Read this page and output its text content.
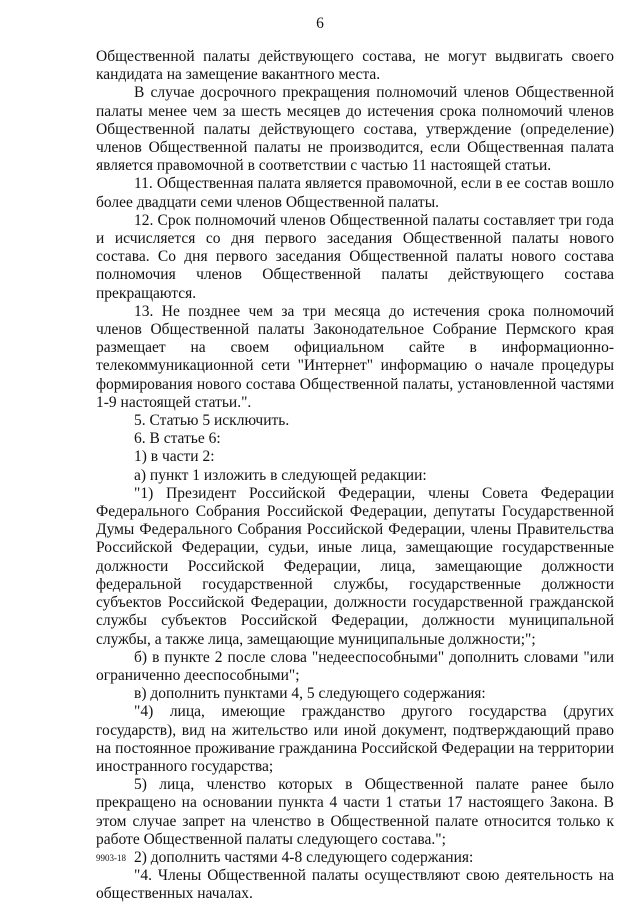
6

Общественной палаты действующего состава, не могут выдвигать своего кандидата на замещение вакантного места.

В случае досрочного прекращения полномочий членов Общественной палаты менее чем за шесть месяцев до истечения срока полномочий членов Общественной палаты действующего состава, утверждение (определение) членов Общественной палаты не производится, если Общественная палата является правомочной в соответствии с частью 11 настоящей статьи.

11. Общественная палата является правомочной, если в ее состав вошло более двадцати семи членов Общественной палаты.

12. Срок полномочий членов Общественной палаты составляет три года и исчисляется со дня первого заседания Общественной палаты нового состава. Со дня первого заседания Общественной палаты нового состава полномочия членов Общественной палаты действующего состава прекращаются.

13. Не позднее чем за три месяца до истечения срока полномочий членов Общественной палаты Законодательное Собрание Пермского края размещает на своем официальном сайте в информационно-телекоммуникационной сети "Интернет" информацию о начале процедуры формирования нового состава Общественной палаты, установленной частями 1-9 настоящей статьи.".

5. Статью 5 исключить.

6. В статье 6:

1) в части 2:

а) пункт 1 изложить в следующей редакции:

"1) Президент Российской Федерации, члены Совета Федерации Федерального Собрания Российской Федерации, депутаты Государственной Думы Федерального Собрания Российской Федерации, члены Правительства Российской Федерации, судьи, иные лица, замещающие государственные должности Российской Федерации, лица, замещающие должности федеральной государственной службы, государственные должности субъектов Российской Федерации, должности государственной гражданской службы субъектов Российской Федерации, должности муниципальной службы, а также лица, замещающие муниципальные должности;";

б) в пункте 2 после слова "недееспособными" дополнить словами "или ограниченно дееспособными";

в) дополнить пунктами 4, 5 следующего содержания:

"4) лица, имеющие гражданство другого государства (других государств), вид на жительство или иной документ, подтверждающий право на постоянное проживание гражданина Российской Федерации на территории иностранного государства;

5) лица, членство которых в Общественной палате ранее было прекращено на основании пункта 4 части 1 статьи 17 настоящего Закона. В этом случае запрет на членство в Общественной палате относится только к работе Общественной палаты следующего состава.";

2) дополнить частями 4-8 следующего содержания:

"4. Члены Общественной палаты осуществляют свою деятельность на общественных началах.

9903-18
